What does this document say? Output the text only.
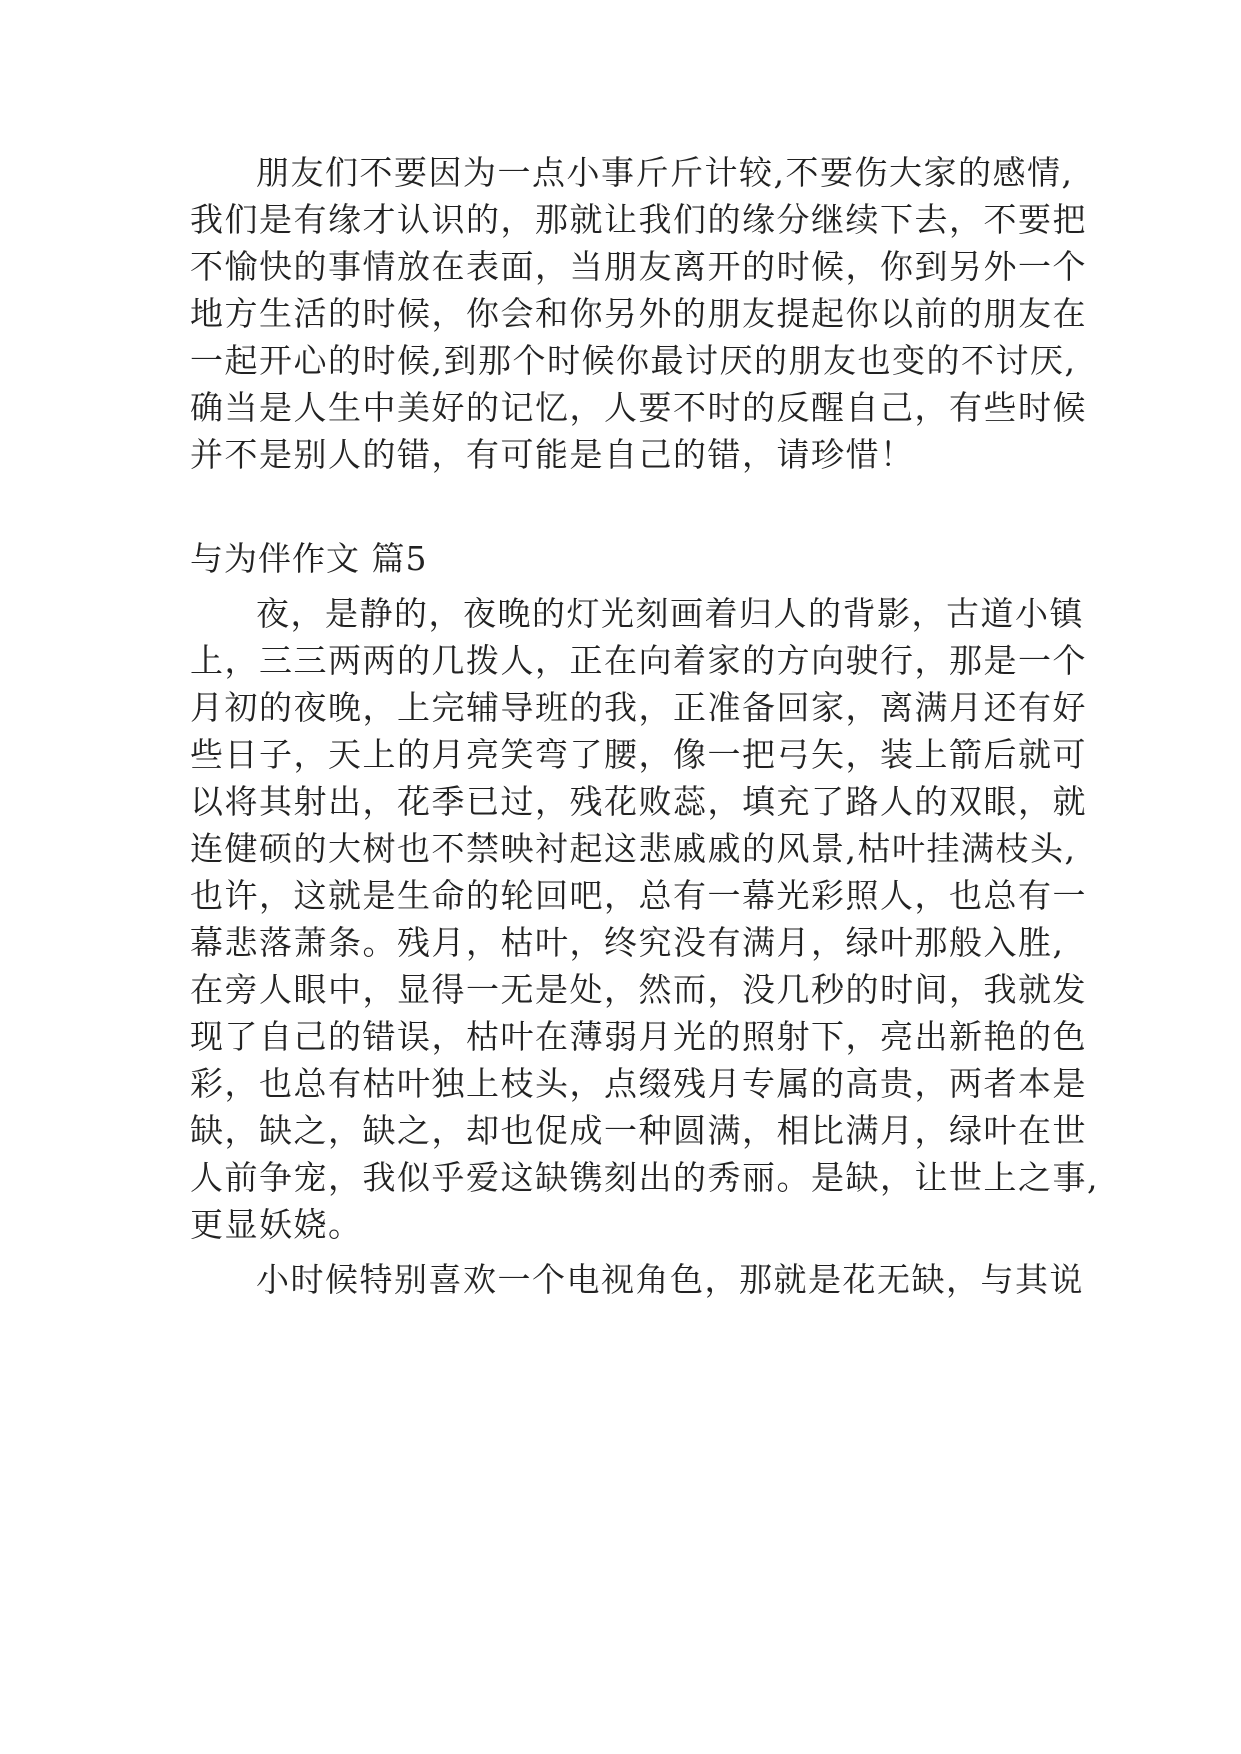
朋友们不要因为一点小事斤斤计较,不要伤大家的感情,
我们是有缘才认识的，那就让我们的缘分继续下去，不要把
不愉快的事情放在表面，当朋友离开的时候，你到另外一个
地方生活的时候，你会和你另外的朋友提起你以前的朋友在
一起开心的时候,到那个时候你最讨厌的朋友也变的不讨厌,
确当是人生中美好的记忆，人要不时的反醒自己，有些时候
并不是别人的错，有可能是自己的错，请珍惜！
与为伴作文 篇5
夜，是静的，夜晚的灯光刻画着归人的背影，古道小镇
上，三三两两的几拨人，正在向着家的方向驶行，那是一个
月初的夜晚，上完辅导班的我，正准备回家，离满月还有好
些日子，天上的月亮笑弯了腰，像一把弓矢，装上箭后就可
以将其射出，花季已过，残花败蕊，填充了路人的双眼，就
连健硕的大树也不禁映衬起这悲戚戚的风景,枯叶挂满枝头,
也许，这就是生命的轮回吧，总有一幕光彩照人，也总有一
幕悲落萧条。残月，枯叶，终究没有满月，绿叶那般入胜,
在旁人眼中，显得一无是处，然而，没几秒的时间，我就发
现了自己的错误，枯叶在薄弱月光的照射下，亮出新艳的色
彩，也总有枯叶独上枝头，点缀残月专属的高贵，两者本是
缺，缺之，缺之，却也促成一种圆满，相比满月，绿叶在世
人前争宠，我似乎爱这缺镌刻出的秀丽。是缺，让世上之事,
更显妖娆。
小时候特别喜欢一个电视角色，那就是花无缺，与其说
